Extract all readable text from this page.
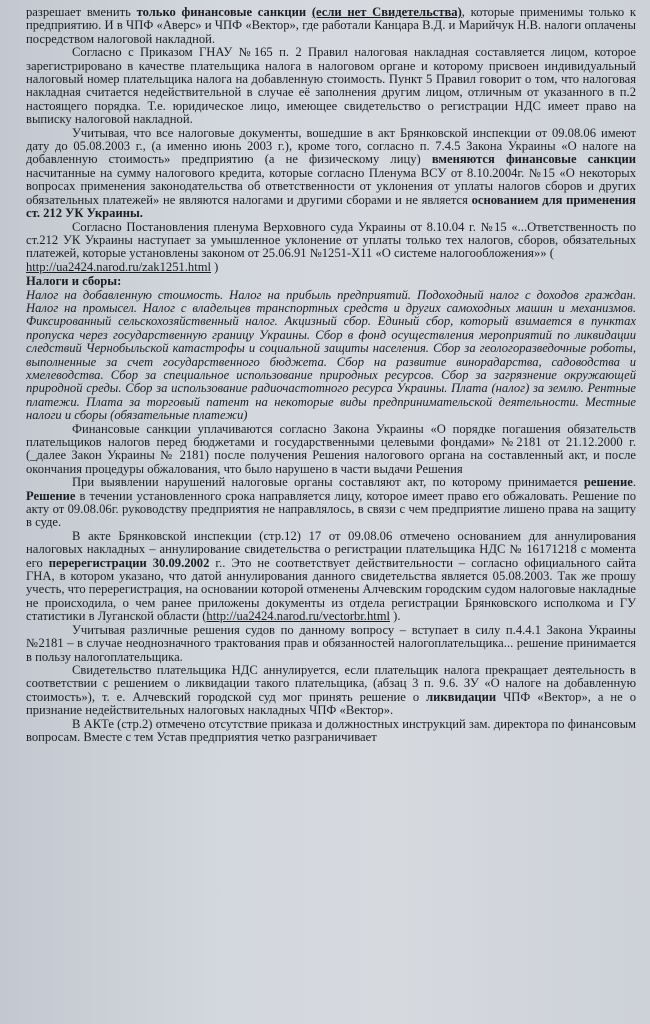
разрешает вменить только финансовые санкции (если нет Свидетельства), которые применимы только к предприятию. И в ЧПФ «Аверс» и ЧПФ «Вектор», где работали Канцара В.Д. и Марийчук Н.В. налоги оплачены посредством налоговой накладной.

Согласно с Приказом ГНАУ №165 п. 2 Правил налоговая накладная составляется лицом, которое зарегистрировано в качестве плательщика налога в налоговом органе и которому присвоен индивидуальный налоговый номер плательщика налога на добавленную стоимость. Пункт 5 Правил говорит о том, что налоговая накладная считается недействительной в случае её заполнения другим лицом, отличным от указанного в п.2 настоящего порядка. Т.е. юридическое лицо, имеющее свидетельство о регистрации НДС имеет право на выписку налоговой накладной.

Учитывая, что все налоговые документы, вошедшие в акт Брянковской инспекции от 09.08.06 имеют дату до 05.08.2003 г., (а именно июнь 2003 г.), кроме того, согласно п. 7.4.5 Закона Украины «О налоге на добавленную стоимость» предприятию (а не физическому лицу) вменяются финансовые санкции насчитанные на сумму налогового кредита, которые согласно Пленума ВСУ от 8.10.2004г. №15 «О некоторых вопросах применения законодательства об ответственности от уклонения от уплаты налогов сборов и других обязательных платежей» не являются налогами и другими сборами и не является основанием для применения ст. 212 УК Украины.

Согласно Постановления пленума Верховного суда Украины от 8.10.04 г. №15 «...Ответственность по ст.212 УК Украины наступает за умышленное уклонение от уплаты только тех налогов, сборов, обязательных платежей, которые установлены законом от 25.06.91 №1251-Х11 «О системе налогообложения»» (
http://ua2424.narod.ru/zak1251.html )

Налоги и сборы:

Налог на добавленную стоимость. Налог на прибыль предприятий. Подоходный налог с доходов граждан. Налог на промысел. Налог с владельцев транспортных средств и других самоходных машин и механизмов. Фиксированный сельскохозяйственный налог. Акцизный сбор. Единый сбор, который взимается в пунктах пропуска через государственную границу Украины. Сбор в фонд осуществления мероприятий по ликвидации следствий Чернобыльской катастрофы и социальной защиты населения. Сбор за геологоразведочные роботы, выполненные за счет государственного бюджета. Сбор на развитие винорадарства, садоводства и хмелеводства. Сбор за специальное использование природных ресурсов. Сбор за загрязнение окружающей природной среды. Сбор за использование радиочастотного ресурса Украины. Плата (налог) за землю. Рентные платежи. Плата за торговый патент на некоторые виды предпринимательской деятельности. Местные налоги и сборы (обязательные платежи)

Финансовые санкции уплачиваются согласно Закона Украины «О порядке погашения обязательств плательщиков налогов перед бюджетами и государственными целевыми фондами» №2181 от 21.12.2000 г. (_далее Закон Украины № 2181) после получения Решения налогового органа на составленный акт, и после окончания процедуры обжалования, что было нарушено в части выдачи Решения

При выявлении нарушений налоговые органы составляют акт, по которому принимается решение. Решение в течении установленного срока направляется лицу, которое имеет право его обжаловать. Решение по акту от 09.08.06г. руководству предприятия не направлялось, в связи с чем предприятие лишено права на защиту в суде.

В акте Брянковской инспекции (стр.12) 17 от 09.08.06 отмечено основанием для аннулирования налоговых накладных – аннулирование свидетельства о регистрации плательщика НДС № 16171218 с момента его перерегистрации 30.09.2002 г.. Это не соответствует действительности – согласно официального сайта ГНА, в котором указано, что датой аннулирования данного свидетельства является 05.08.2003. Так же прошу учесть, что перерегистрация, на основании которой отменены Алчевским городским судом налоговые накладные не происходила, о чем ранее приложены документы из отдела регистрации Брянковского исполкома и ГУ статистики в Луганской области (http://ua2424.narod.ru/vectorbr.html ).

Учитывая различные решения судов по данному вопросу – вступает в силу п.4.4.1 Закона Украины №2181 – в случае неоднозначного трактования прав и обязанностей налогоплательщика... решение принимается в пользу налогоплательщика.

Свидетельство плательщика НДС аннулируется, если плательщик налога прекращает деятельность в соответствии с решением о ликвидации такого плательщика, (абзац 3 п. 9.6. ЗУ «О налоге на добавленную стоимость»), т. е. Алчевский городской суд мог принять решение о ликвидации ЧПФ «Вектор», а не о признание недействительных налоговых накладных ЧПФ «Вектор».

В АКТе (стр.2) отмечено отсутствие приказа и должностных инструкций зам. директора по финансовым вопросам. Вместе с тем Устав предприятия четко разграничивает
